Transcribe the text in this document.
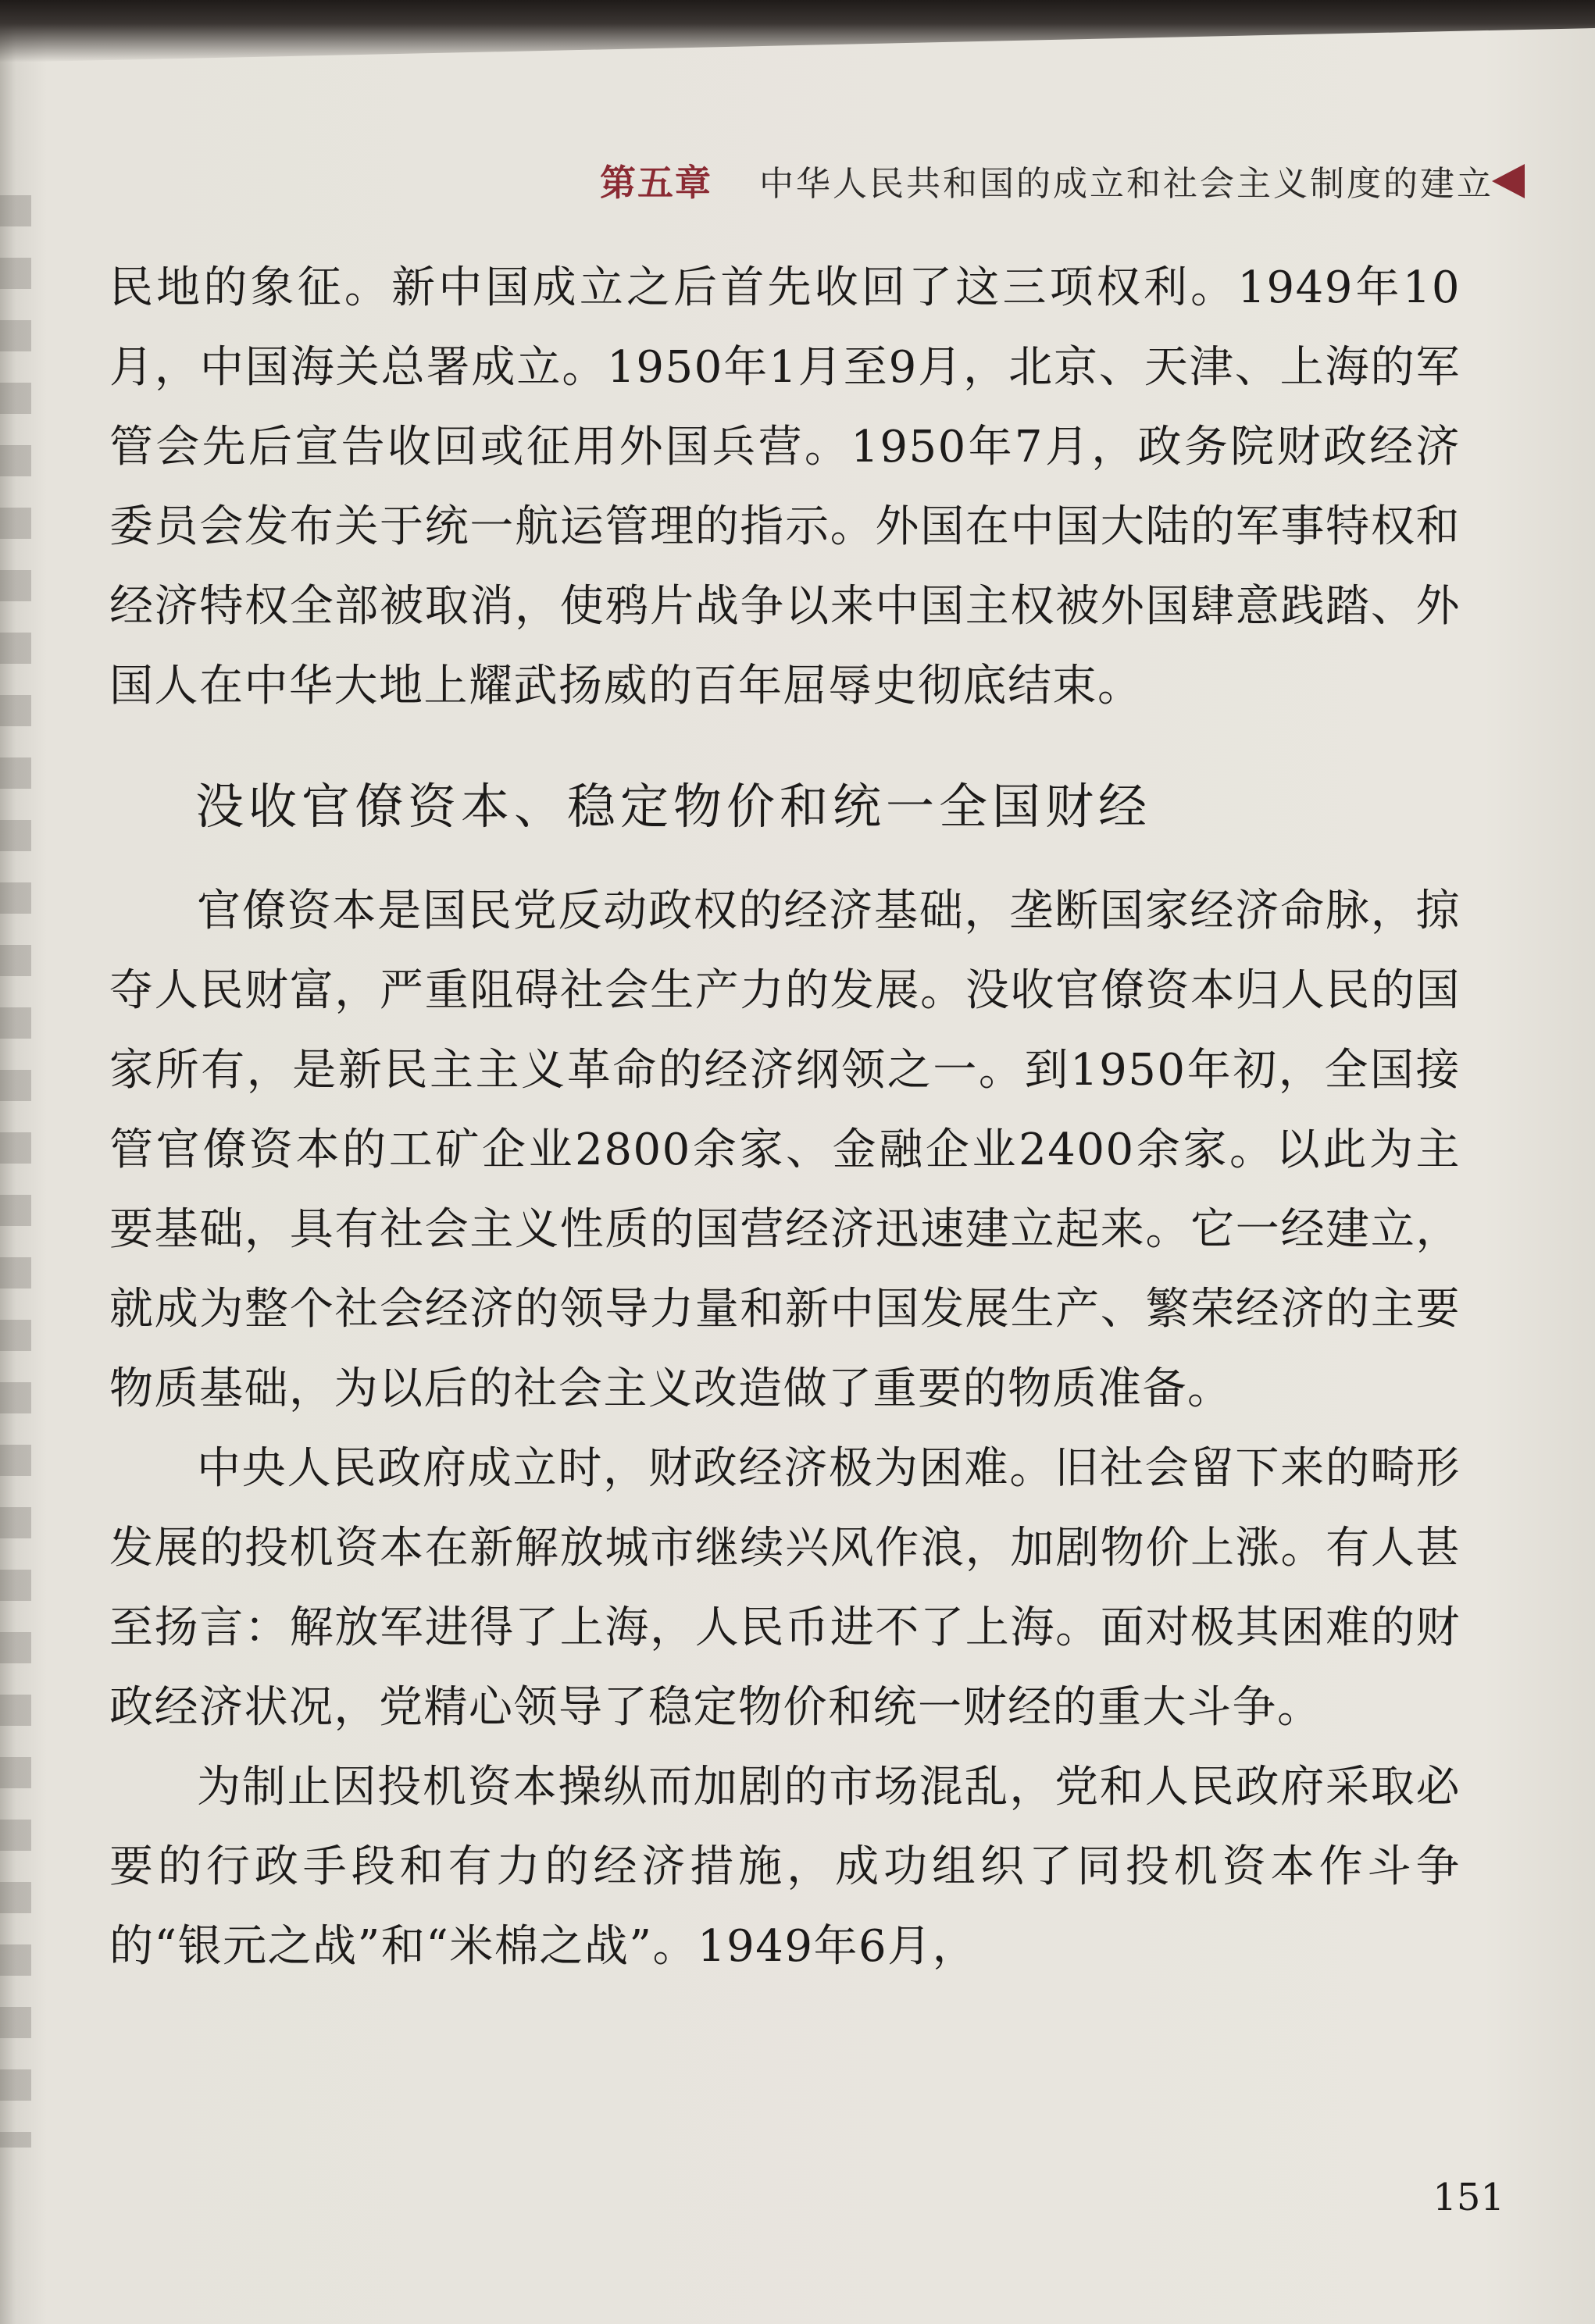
第五章 中华人民共和国的成立和社会主义制度的建立

民地的象征。新中国成立之后首先收回了这三项权利。1949年10月，中国海关总署成立。1950年1月至9月，北京、天津、上海的军管会先后宣告收回或征用外国兵营。1950年7月，政务院财政经济委员会发布关于统一航运管理的指示。外国在中国大陆的军事特权和经济特权全部被取消，使鸦片战争以来中国主权被外国肆意践踏、外国人在中华大地上耀武扬威的百年屈辱史彻底结束。

没收官僚资本、稳定物价和统一全国财经

官僚资本是国民党反动政权的经济基础，垄断国家经济命脉，掠夺人民财富，严重阻碍社会生产力的发展。没收官僚资本归人民的国家所有，是新民主主义革命的经济纲领之一。到1950年初，全国接管官僚资本的工矿企业2800余家、金融企业2400余家。以此为主要基础，具有社会主义性质的国营经济迅速建立起来。它一经建立，就成为整个社会经济的领导力量和新中国发展生产、繁荣经济的主要物质基础，为以后的社会主义改造做了重要的物质准备。

中央人民政府成立时，财政经济极为困难。旧社会留下来的畸形发展的投机资本在新解放城市继续兴风作浪，加剧物价上涨。有人甚至扬言：解放军进得了上海，人民币进不了上海。面对极其困难的财政经济状况，党精心领导了稳定物价和统一财经的重大斗争。

为制止因投机资本操纵而加剧的市场混乱，党和人民政府采取必要的行政手段和有力的经济措施，成功组织了同投机资本作斗争的“银元之战”和“米棉之战”。1949年6月，

151
